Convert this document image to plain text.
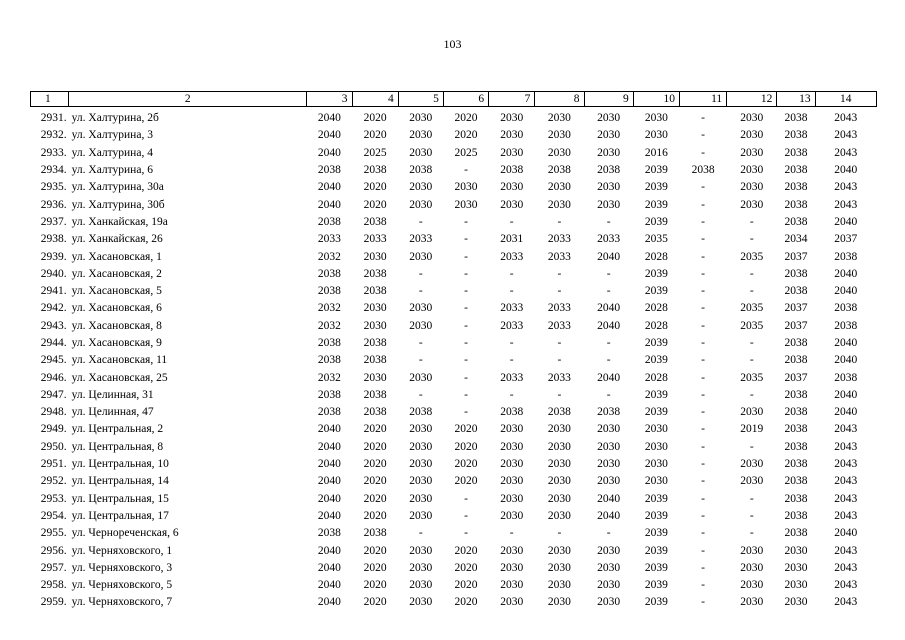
103
1	2	3	4	5	6	7	8	9	10	11	12	13	14
2931.	ул. Халтурина, 2б	2040	2020	2030	2020	2030	2030	2030	2030	-	2030	2038	2043
2932.	ул. Халтурина, 3	2040	2020	2030	2020	2030	2030	2030	2030	-	2030	2038	2043
2933.	ул. Халтурина, 4	2040	2025	2030	2025	2030	2030	2030	2016	-	2030	2038	2043
2934.	ул. Халтурина, 6	2038	2038	2038	-	2038	2038	2038	2039	2038	2030	2038	2040
2935.	ул. Халтурина, 30а	2040	2020	2030	2030	2030	2030	2030	2039	-	2030	2038	2043
2936.	ул. Халтурина, 30б	2040	2020	2030	2030	2030	2030	2030	2039	-	2030	2038	2043
2937.	ул. Ханкайская, 19а	2038	2038	-	-	-	-	-	2039	-	-	2038	2040
2938.	ул. Ханкайская, 26	2033	2033	2033	-	2031	2033	2033	2035	-	-	2034	2037
2939.	ул. Хасановская, 1	2032	2030	2030	-	2033	2033	2040	2028	-	2035	2037	2038
2940.	ул. Хасановская, 2	2038	2038	-	-	-	-	-	2039	-	-	2038	2040
2941.	ул. Хасановская, 5	2038	2038	-	-	-	-	-	2039	-	-	2038	2040
2942.	ул. Хасановская, 6	2032	2030	2030	-	2033	2033	2040	2028	-	2035	2037	2038
2943.	ул. Хасановская, 8	2032	2030	2030	-	2033	2033	2040	2028	-	2035	2037	2038
2944.	ул. Хасановская, 9	2038	2038	-	-	-	-	-	2039	-	-	2038	2040
2945.	ул. Хасановская, 11	2038	2038	-	-	-	-	-	2039	-	-	2038	2040
2946.	ул. Хасановская, 25	2032	2030	2030	-	2033	2033	2040	2028	-	2035	2037	2038
2947.	ул. Целинная, 31	2038	2038	-	-	-	-	-	2039	-	-	2038	2040
2948.	ул. Целинная, 47	2038	2038	2038	-	2038	2038	2038	2039	-	2030	2038	2040
2949.	ул. Центральная, 2	2040	2020	2030	2020	2030	2030	2030	2030	-	2019	2038	2043
2950.	ул. Центральная, 8	2040	2020	2030	2020	2030	2030	2030	2030	-	-	2038	2043
2951.	ул. Центральная, 10	2040	2020	2030	2020	2030	2030	2030	2030	-	2030	2038	2043
2952.	ул. Центральная, 14	2040	2020	2030	2020	2030	2030	2030	2030	-	2030	2038	2043
2953.	ул. Центральная, 15	2040	2020	2030	-	2030	2030	2040	2039	-	-	2038	2043
2954.	ул. Центральная, 17	2040	2020	2030	-	2030	2030	2040	2039	-	-	2038	2043
2955.	ул. Чернореченская, 6	2038	2038	-	-	-	-	-	2039	-	-	2038	2040
2956.	ул. Черняховского, 1	2040	2020	2030	2020	2030	2030	2030	2039	-	2030	2030	2043
2957.	ул. Черняховского, 3	2040	2020	2030	2020	2030	2030	2030	2039	-	2030	2030	2043
2958.	ул. Черняховского, 5	2040	2020	2030	2020	2030	2030	2030	2039	-	2030	2030	2043
2959.	ул. Черняховского, 7	2040	2020	2030	2020	2030	2030	2030	2039	-	2030	2030	2043
